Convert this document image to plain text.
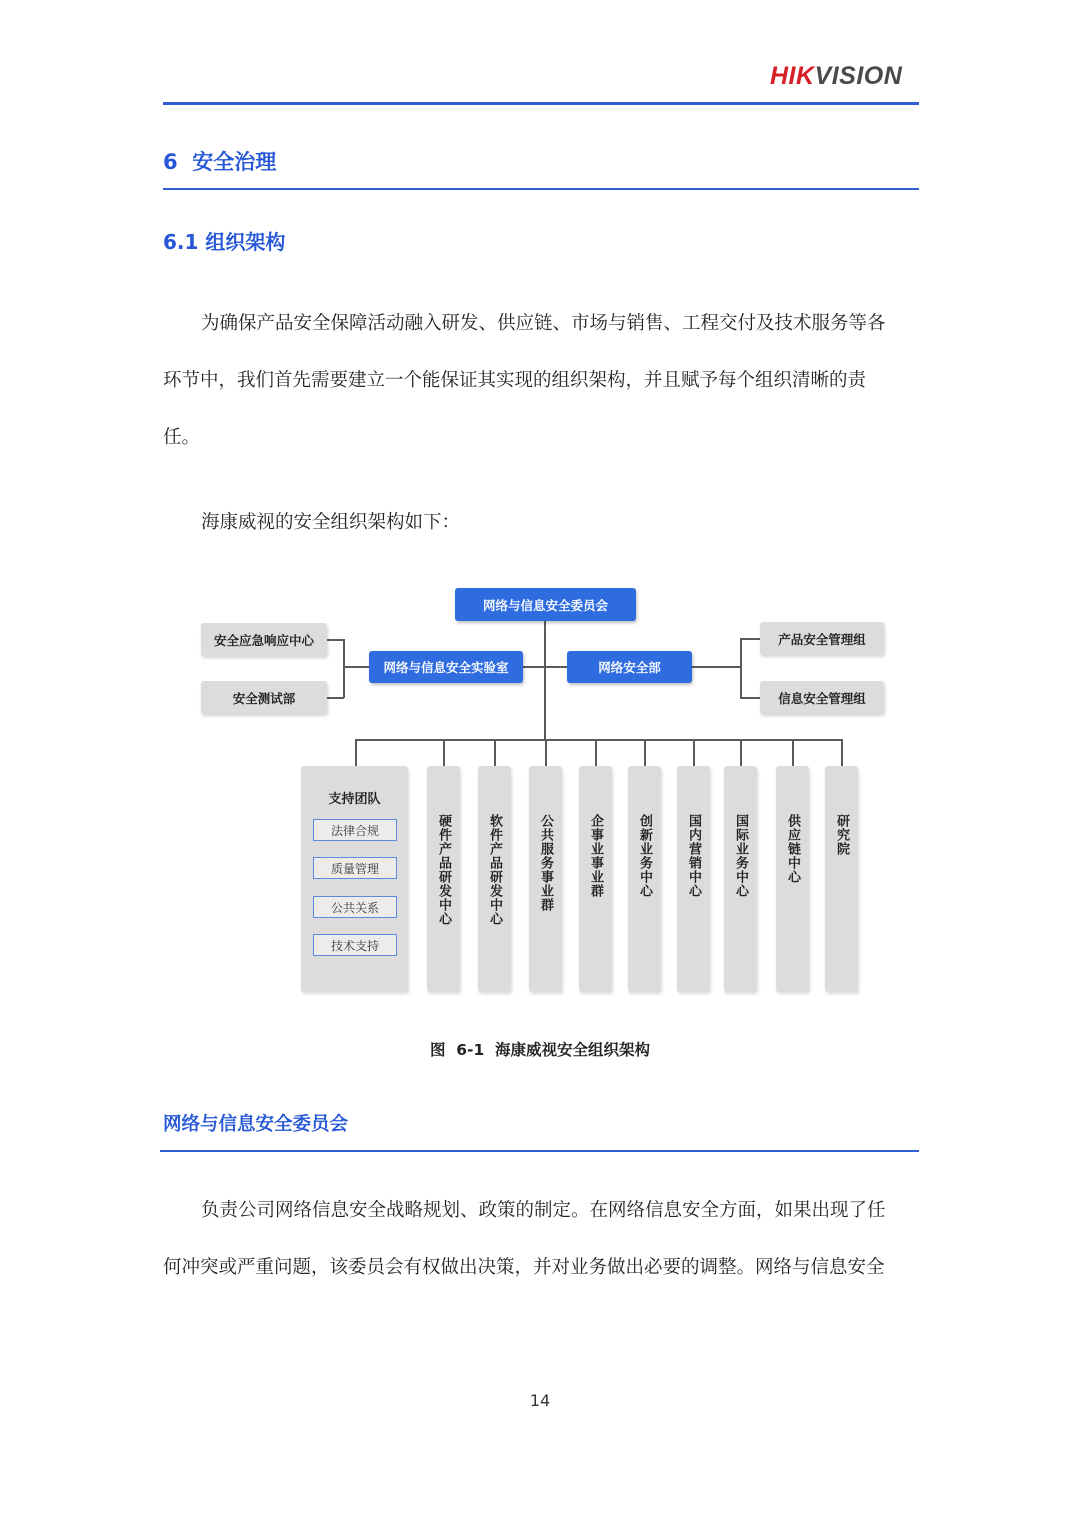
HIKVISION
6  安全治理
6.1 组织架构
为确保产品安全保障活动融入研发、供应链、市场与销售、工程交付及技术服务等各
环节中，我们首先需要建立一个能保证其实现的组织架构，并且赋予每个组织清晰的责
任。
海康威视的安全组织架构如下：
网络与信息安全委员会
网络与信息安全实验室	网络安全部
安全应急响应中心
安全测试部
产品安全管理组
信息安全管理组
支持团队
法律合规
质量管理
公共关系
技术支持
硬件产品研发中心	软件产品研发中心	公共服务事业群	企事业事业群	创新业务中心	国内营销中心 国际业务中心	供应链中心	研究院
图  6-1  海康威视安全组织架构
网络与信息安全委员会
负责公司网络信息安全战略规划、政策的制定。在网络信息安全方面，如果出现了任
何冲突或严重问题，该委员会有权做出决策，并对业务做出必要的调整。网络与信息安全
14
